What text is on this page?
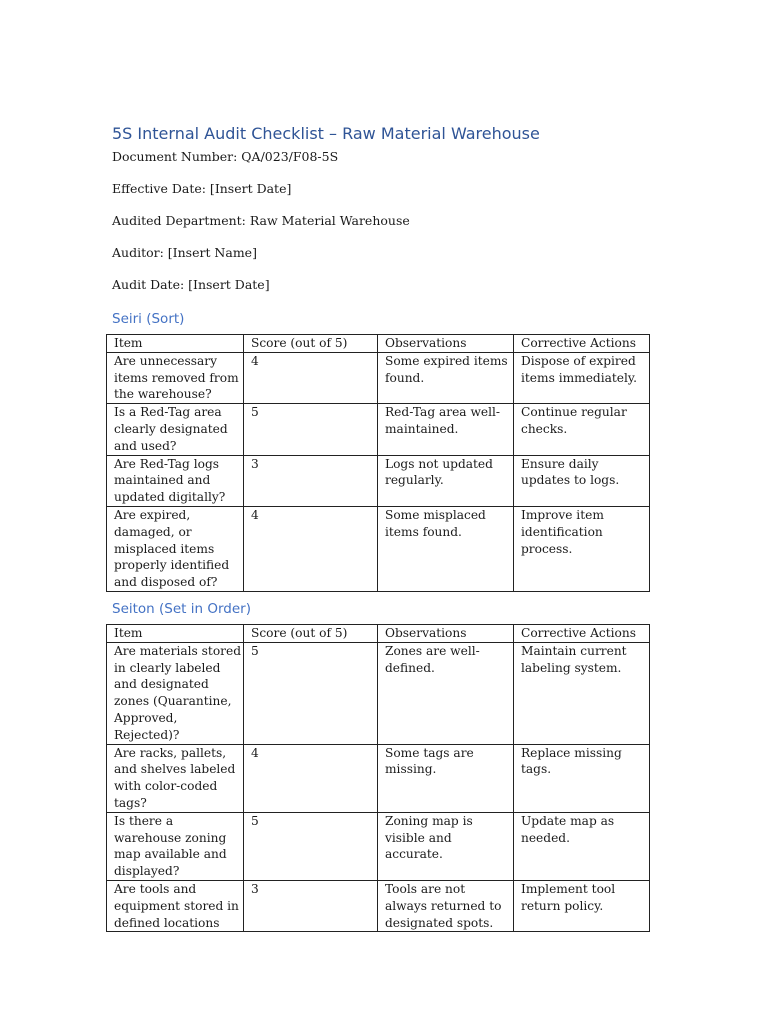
5S Internal Audit Checklist – Raw Material Warehouse

Document Number: QA/023/F08-5S

Effective Date: [Insert Date]

Audited Department: Raw Material Warehouse

Auditor: [Insert Name]

Audit Date: [Insert Date]

Seiri (Sort)
Item	Score (out of 5)	Observations	Corrective Actions
Are unnecessary items removed from the warehouse?	4	Some expired items found.	Dispose of expired items immediately.
Is a Red-Tag area clearly designated and used?	5	Red-Tag area well-maintained.	Continue regular checks.
Are Red-Tag logs maintained and updated digitally?	3	Logs not updated regularly.	Ensure daily updates to logs.
Are expired, damaged, or misplaced items properly identified and disposed of?	4	Some misplaced items found.	Improve item identification process.
Seiton (Set in Order)
Item	Score (out of 5)	Observations	Corrective Actions
Are materials stored in clearly labeled and designated zones (Quarantine, Approved, Rejected)?	5	Zones are well-defined.	Maintain current labeling system.
Are racks, pallets, and shelves labeled with color-coded tags?	4	Some tags are missing.	Replace missing tags.
Is there a warehouse zoning map available and displayed?	5	Zoning map is visible and accurate.	Update map as needed.
Are tools and equipment stored in defined locations	3	Tools are not always returned to designated spots.	Implement tool return policy.
